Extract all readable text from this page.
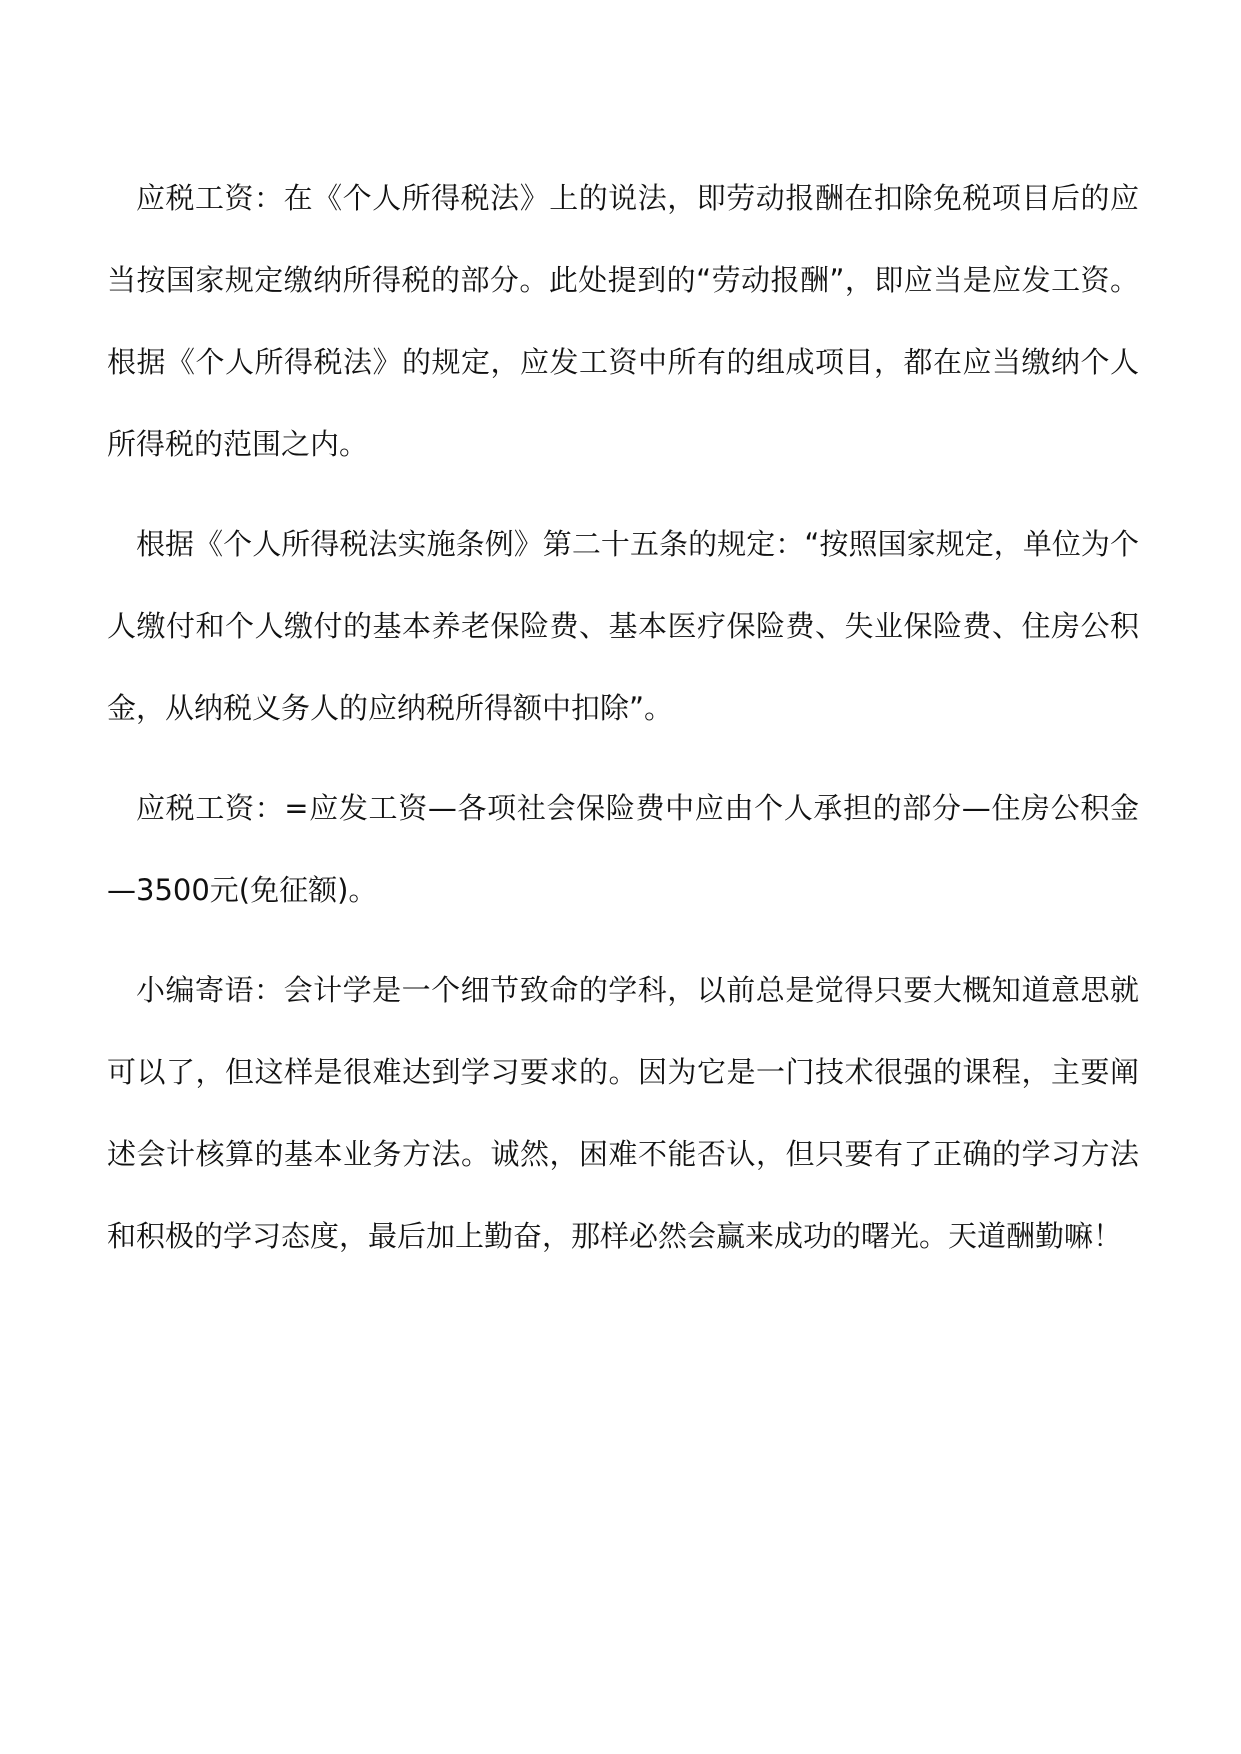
应税工资：在《个人所得税法》上的说法，即劳动报酬在扣除免税项目后的应当按国家规定缴纳所得税的部分。此处提到的“劳动报酬”，即应当是应发工资。根据《个人所得税法》的规定，应发工资中所有的组成项目，都在应当缴纳个人所得税的范围之内。

根据《个人所得税法实施条例》第二十五条的规定：“按照国家规定，单位为个人缴付和个人缴付的基本养老保险费、基本医疗保险费、失业保险费、住房公积金，从纳税义务人的应纳税所得额中扣除”。

应税工资：=应发工资—各项社会保险费中应由个人承担的部分—住房公积金—3500元(免征额)。

小编寄语：会计学是一个细节致命的学科，以前总是觉得只要大概知道意思就可以了，但这样是很难达到学习要求的。因为它是一门技术很强的课程，主要阐述会计核算的基本业务方法。诚然，困难不能否认，但只要有了正确的学习方法和积极的学习态度，最后加上勤奋，那样必然会赢来成功的曙光。天道酬勤嘛！
